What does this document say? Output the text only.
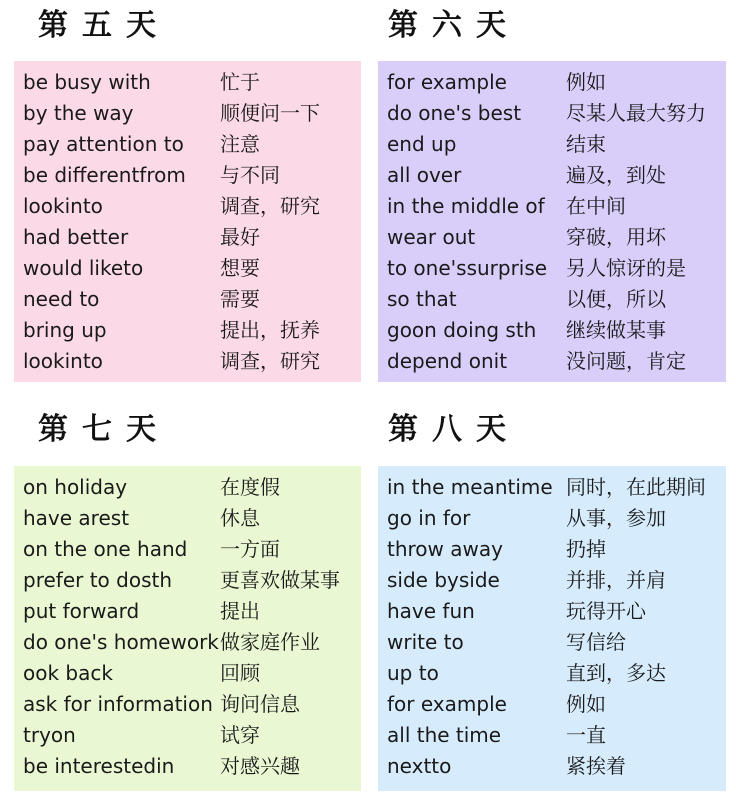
第五天	第六天
第七天	第八天
be busy with	忙于
by the way	顺便问一下
pay attention to 注意
be differentfrom 与不同
lookinto	调查，研究
had better	最好
would liketo	想要
need to	需要
bring up	提出，抚养
lookinto	调查，研究
for example	例如
do one's best 尽某人最大努力
end up	结束
all over	遍及，到处
in the middle of 在中间
wear out	穿破，用坏
to one'ssurprise 另人惊讶的是
so that	以便，所以
goon doing sth 继续做某事
depend onit	没问题，肯定
on holiday	在度假
have arest	休息
on the one hand 一方面
prefer to dosth 更喜欢做某事
put forward	提出
do one's homework 做家庭作业
ook back	回顾
ask for information 询问信息
tryon	试穿
be interestedin 对感兴趣
in the meantime 同时，在此期间
go in for	从事，参加
throw away	扔掉
side byside	并排，并肩
have fun	玩得开心
write to	写信给
up to	直到，多达
for example	例如
all the time	一直
nextto	紧挨着
